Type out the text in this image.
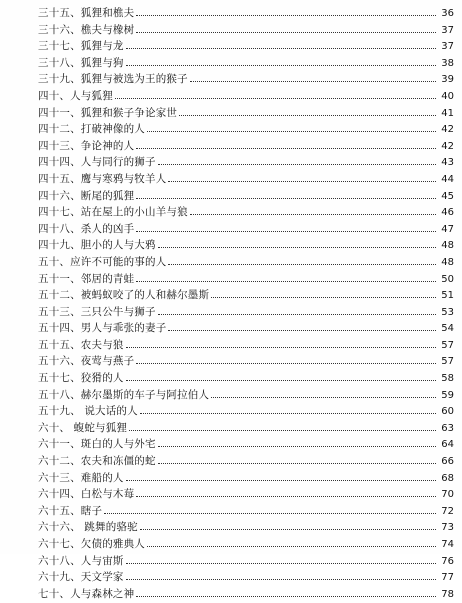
三十五、狐狸和樵夫	36
三十六、樵夫与橡树	37
三十七、狐狸与龙	37
三十八、狐狸与狗	38
三十九、狐狸与被选为王的猴子	39
四十、人与狐狸	40
四十一、狐狸和猴子争论家世	41
四十二、打破神像的人	42
四十三、争论神的人	42
四十四、人与同行的狮子	43
四十五、鹰与寒鸦与牧羊人	44
四十六、断尾的狐狸	45
四十七、站在屋上的小山羊与狼	46
四十八、杀人的凶手	47
四十九、胆小的人与大鸦	48
五十、应许不可能的事的人	48
五十一、邻居的青蛙	50
五十二、被蚂蚁咬了的人和赫尔墨斯	51
五十三、三只公牛与狮子	53
五十四、男人与乖张的妻子	54
五十五、农夫与狼	57
五十六、夜莺与燕子	57
五十七、狡猾的人	58
五十八、赫尔墨斯的车子与阿拉伯人	59
五十九、 说大话的人	60
六十、 蝮蛇与狐狸	63
六十一、斑白的人与外宅	64
六十二、农夫和冻僵的蛇	66
六十三、难船的人	68
六十四、白松与木莓	70
六十五、瞎子	72
六十六、 跳舞的骆驼	73
六十七、欠债的雅典人	74
六十八、人与宙斯	76
六十九、天文学家	77
七十、人与森林之神	78
